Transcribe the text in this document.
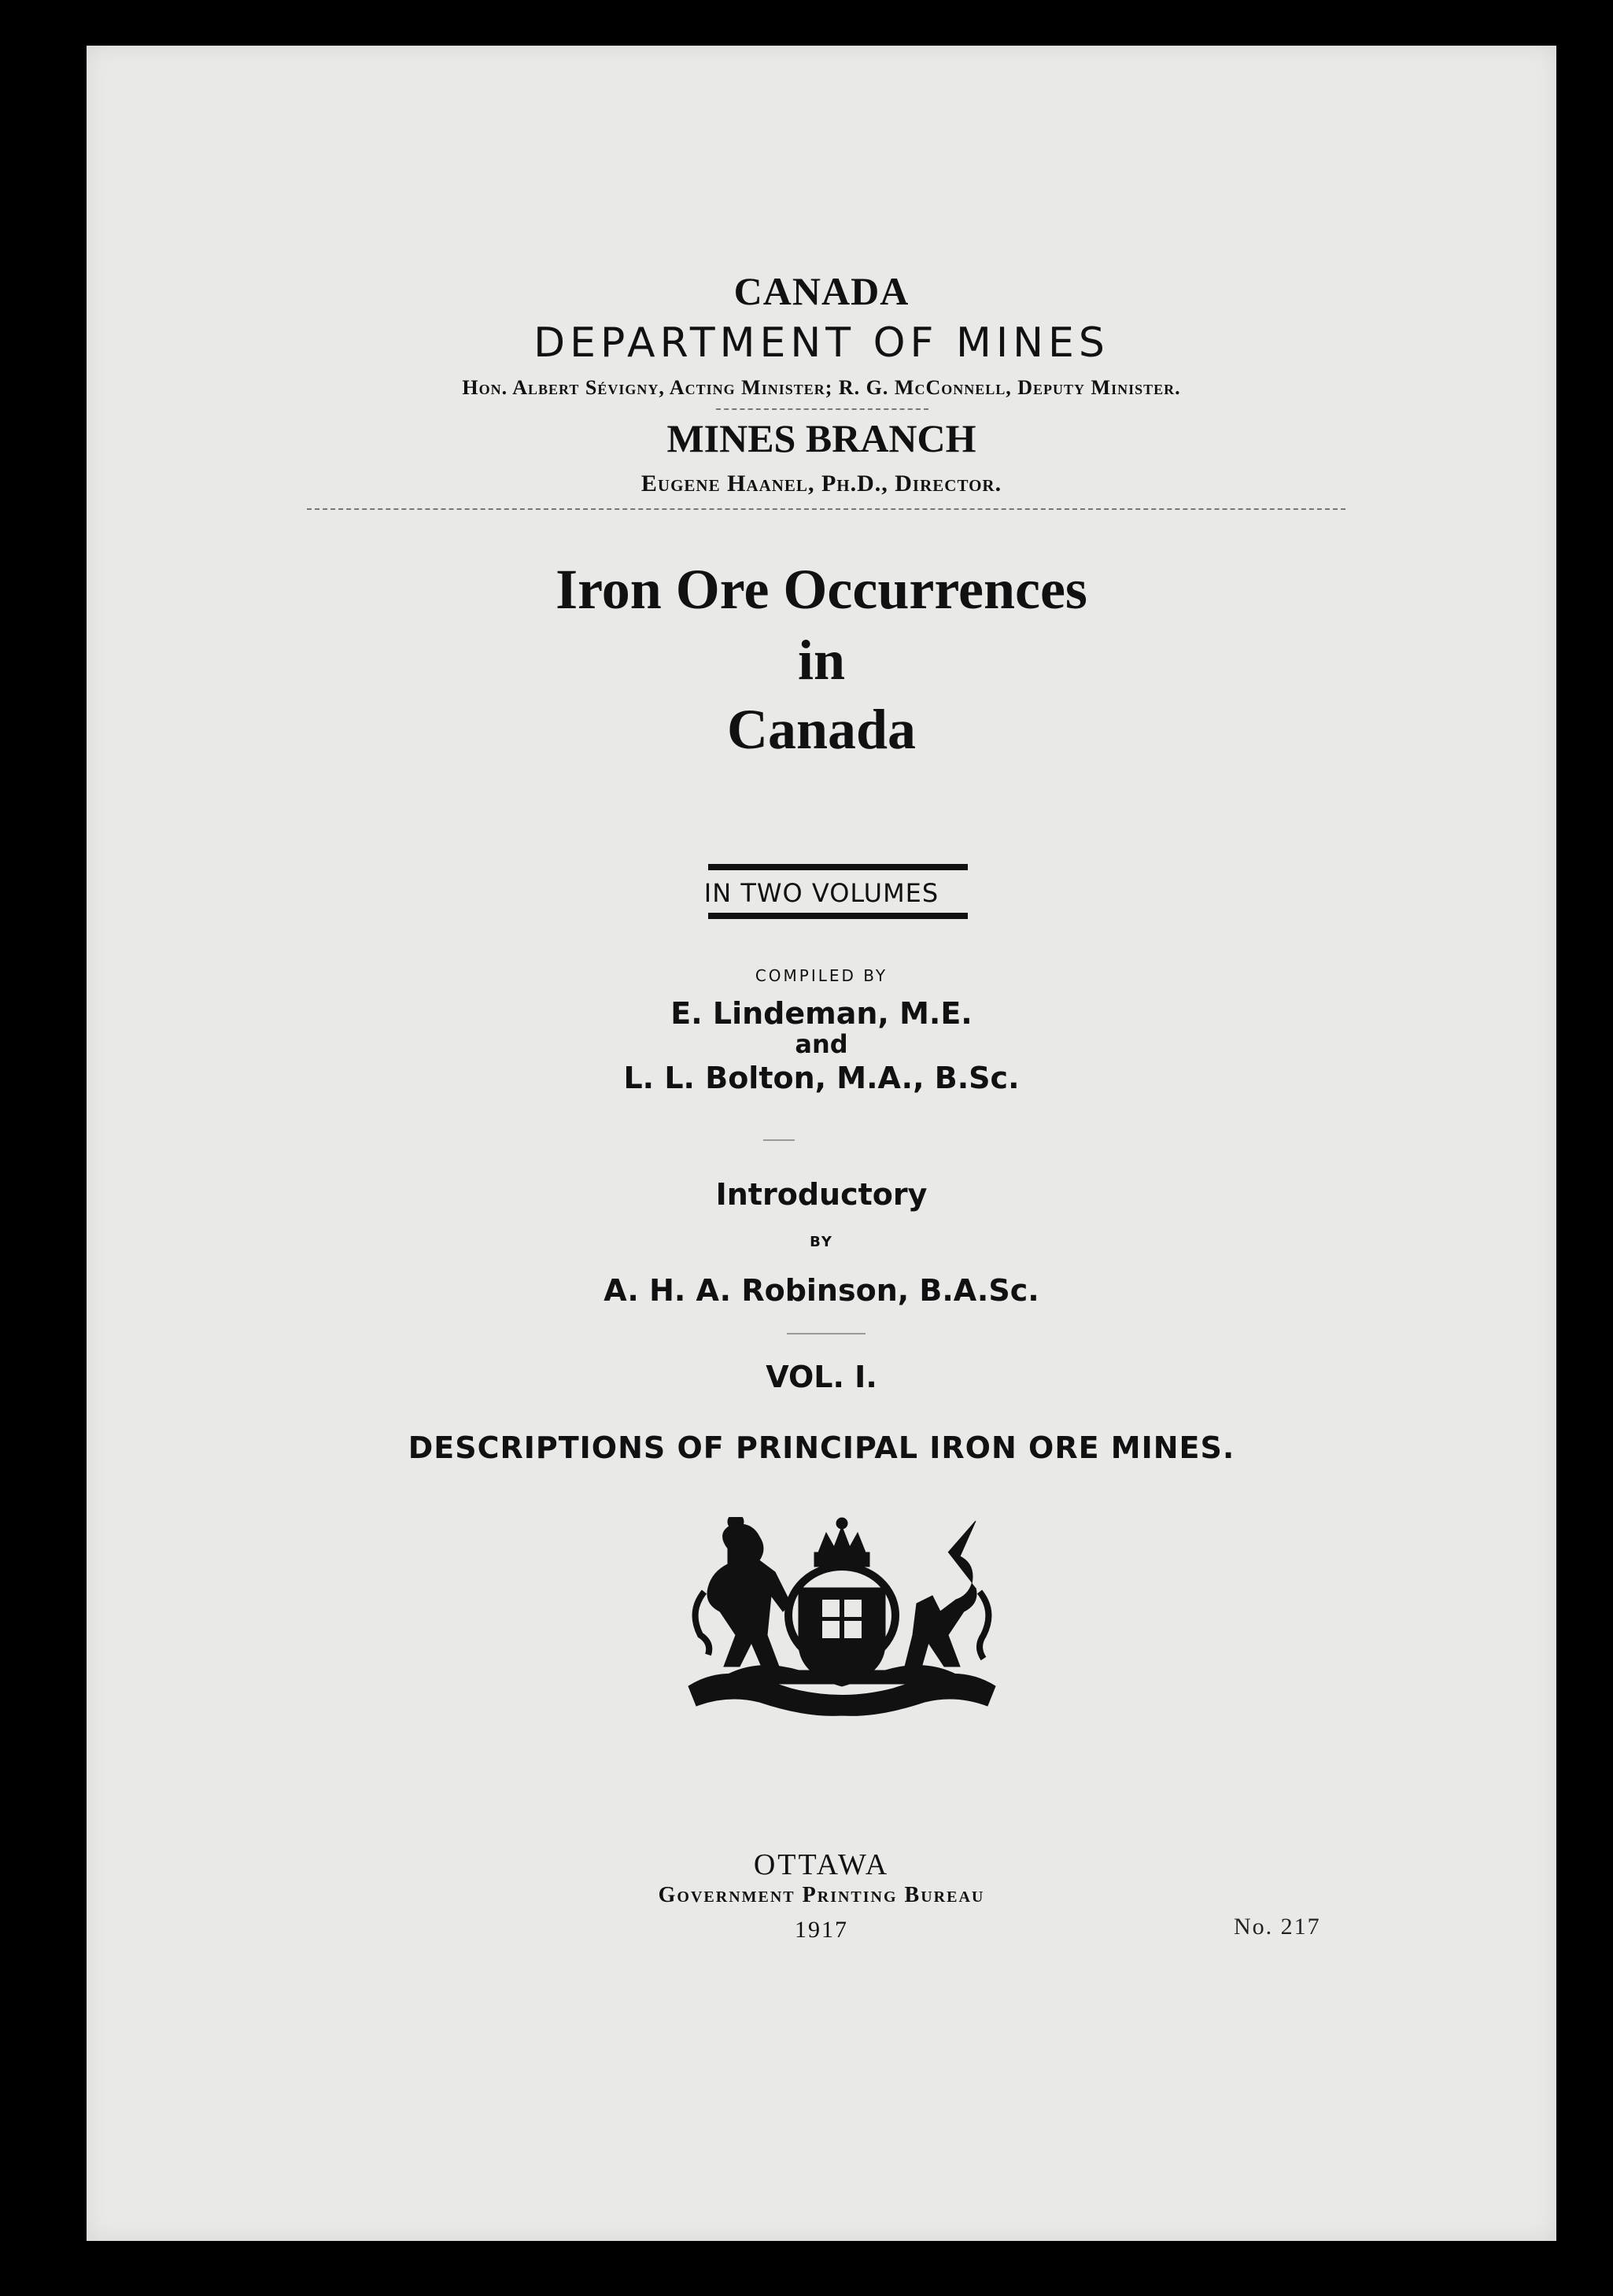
CANADA
DEPARTMENT OF MINES
Hon. Albert Sévigny, Acting Minister; R. G. McConnell, Deputy Minister.
MINES BRANCH
Eugene Haanel, Ph.D., Director.
Iron Ore Occurrences
in
Canada
IN TWO VOLUMES
COMPILED BY
E. Lindeman, M.E.
and
L. L. Bolton, M.A., B.Sc.
Introductory
BY
A. H. A. Robinson, B.A.Sc.
VOL. I.
DESCRIPTIONS OF PRINCIPAL IRON ORE MINES.
OTTAWA
Government Printing Bureau
1917	No. 217
